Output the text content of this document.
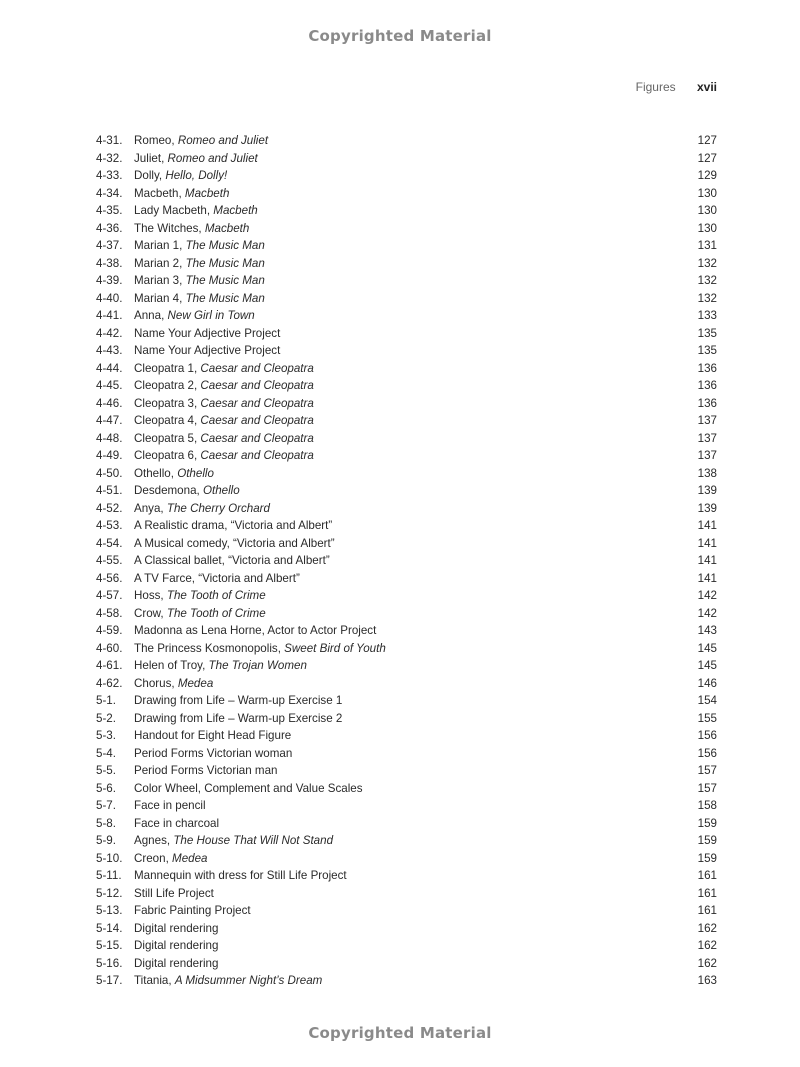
Copyrighted Material
Figures xvii
4-31. Romeo, Romeo and Juliet	127
4-32. Juliet, Romeo and Juliet	127
4-33. Dolly, Hello, Dolly!	129
4-34. Macbeth, Macbeth	130
4-35. Lady Macbeth, Macbeth	130
4-36. The Witches, Macbeth	130
4-37. Marian 1, The Music Man	131
4-38. Marian 2, The Music Man	132
4-39. Marian 3, The Music Man	132
4-40. Marian 4, The Music Man	132
4-41. Anna, New Girl in Town	133
4-42. Name Your Adjective Project	135
4-43. Name Your Adjective Project	135
4-44. Cleopatra 1, Caesar and Cleopatra	136
4-45. Cleopatra 2, Caesar and Cleopatra	136
4-46. Cleopatra 3, Caesar and Cleopatra	136
4-47. Cleopatra 4, Caesar and Cleopatra	137
4-48. Cleopatra 5, Caesar and Cleopatra	137
4-49. Cleopatra 6, Caesar and Cleopatra	137
4-50. Othello, Othello	138
4-51. Desdemona, Othello	139
4-52. Anya, The Cherry Orchard	139
4-53. A Realistic drama, “Victoria and Albert”	141
4-54. A Musical comedy, “Victoria and Albert”	141
4-55. A Classical ballet, “Victoria and Albert”	141
4-56. A TV Farce, “Victoria and Albert”	141
4-57. Hoss, The Tooth of Crime	142
4-58. Crow, The Tooth of Crime	142
4-59. Madonna as Lena Horne, Actor to Actor Project	143
4-60. The Princess Kosmonopolis, Sweet Bird of Youth	145
4-61. Helen of Troy, The Trojan Women	145
4-62. Chorus, Medea	146
5-1.	Drawing from Life – Warm-up Exercise 1	154
5-2.	Drawing from Life – Warm-up Exercise 2	155
5-3.	Handout for Eight Head Figure	156
5-4.	Period Forms Victorian woman	156
5-5.	Period Forms Victorian man	157
5-6.	Color Wheel, Complement and Value Scales	157
5-7.	Face in pencil	158
5-8.	Face in charcoal	159
5-9.	Agnes, The House That Will Not Stand	159
5-10. Creon, Medea	159
5-11.	Mannequin with dress for Still Life Project	161
5-12. Still Life Project	161
5-13. Fabric Painting Project	161
5-14. Digital rendering	162
5-15. Digital rendering	162
5-16. Digital rendering	162
5-17. Titania, A Midsummer Night’s Dream	163
Copyrighted Material
